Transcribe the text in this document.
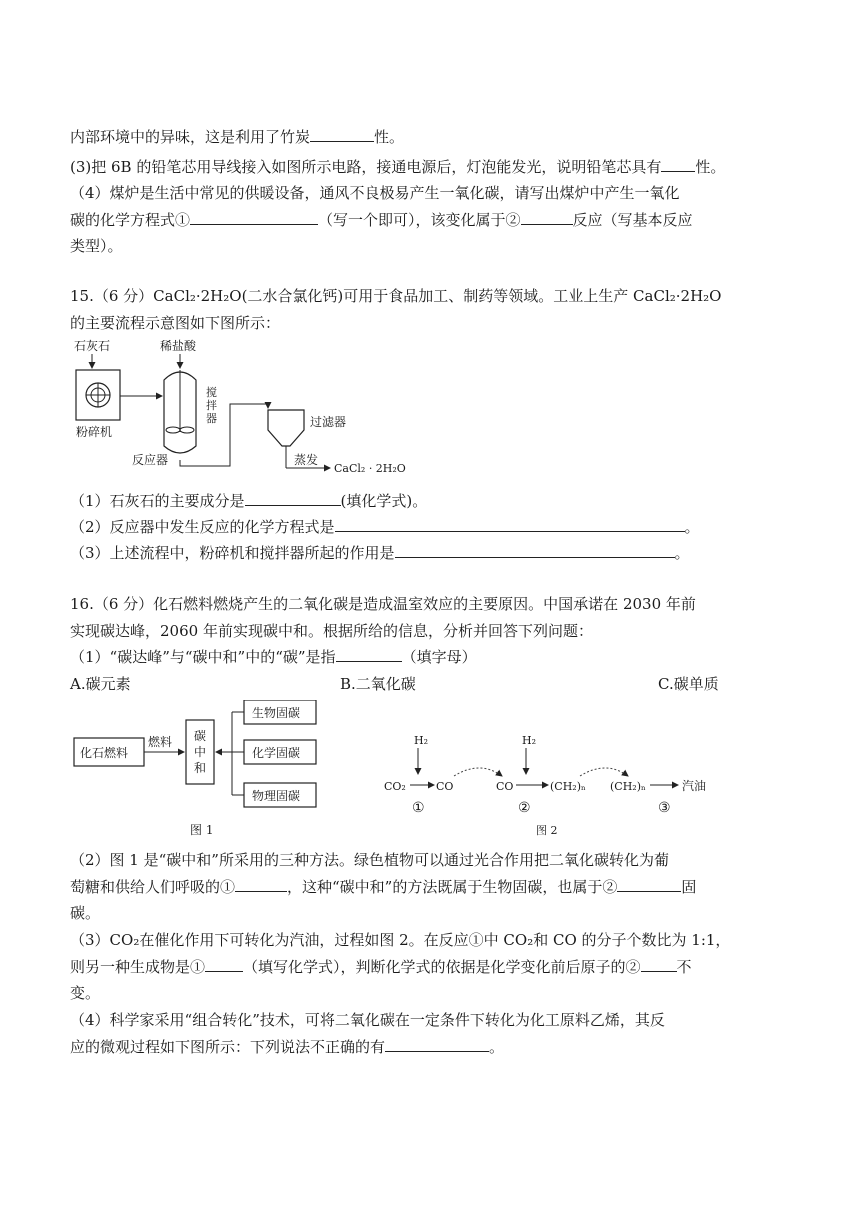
内部环境中的异味，这是利用了竹炭	性。
(3)把 6B 的铅笔芯用导线接入如图所示电路，接通电源后，灯泡能发光，说明铅笔芯具有 性。
（4）煤炉是生活中常见的供暖设备，通风不良极易产生一氧化碳，请写出煤炉中产生一氧化
碳的化学方程式①	（写一个即可），该变化属于②	反应（写基本反应
类型）。
15.（6 分）CaCl₂·2H₂O(二水合氯化钙)可用于食品加工、制药等领域。工业上生产 CaCl₂·2H₂O
的主要流程示意图如下图所示：
石灰石
粉碎机
稀盐酸
搅
拌
器
反应器
过滤器
蒸发
CaCl₂ · 2H₂O
（1）石灰石的主要成分是	(填化学式)。
（2）反应器中发生反应的化学方程式是	。
（3）上述流程中，粉碎机和搅拌器所起的作用是	。
16.（6 分）化石燃料燃烧产生的二氧化碳是造成温室效应的主要原因。中国承诺在 2030 年前
实现碳达峰，2060 年前实现碳中和。根据所给的信息，分析并回答下列问题：
（1）“碳达峰”与“碳中和”中的“碳”是指	（填字母）
A.碳元素	B.二氧化碳	C.碳单质
化石燃料
燃料 碳
中
和
生物固碳
化学固碳
物理固碳
图 1
H₂
CO₂	CO
①
H₂
CO	(CH₂)ₙ
②
(CH₂)ₙ	汽油
③
图 2
（2）图 1 是“碳中和”所采用的三种方法。绿色植物可以通过光合作用把二氧化碳转化为葡
萄糖和供给人们呼吸的①	，这种“碳中和”的方法既属于生物固碳，也属于②	固
碳。
（3）CO₂在催化作用下可转化为汽油，过程如图 2。在反应①中 CO₂和 CO 的分子个数比为 1:1，
则另一种生成物是①	（填写化学式），判断化学式的依据是化学变化前后原子的② 不
变。
（4）科学家采用“组合转化”技术，可将二氧化碳在一定条件下转化为化工原料乙烯，其反
应的微观过程如下图所示：下列说法不正确的有	。
